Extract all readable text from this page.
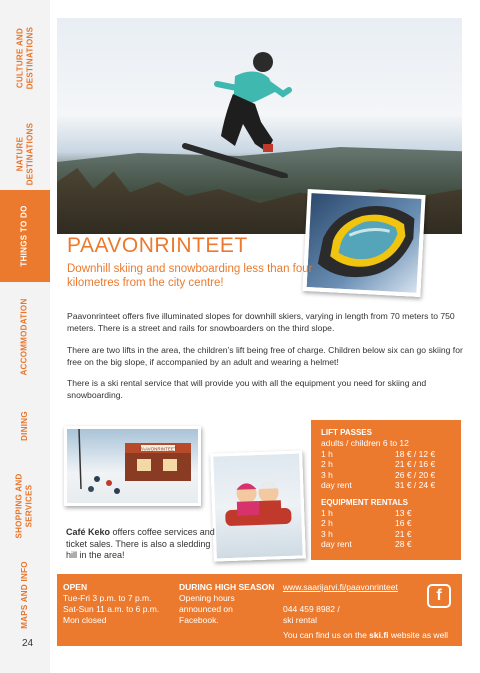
CULTURE AND
DESTINATIONS
NATURE
DESTINATIONS
THINGS TO DO
ACCOMMODATION
DINING
SHOPPING AND
SERVICES
MAPS AND INFO
24
PAAVONRINTEET
Downhill skiing and snowboarding less than four kilometres from the city centre!

Paavonrinteet offers five illuminated slopes for downhill skiers, varying in length from 70 meters to 750 meters. There is a street and rails for snowboarders on the third slope.

There are two lifts in the area, the children’s lift being free of charge. Children below six can go skiing for free on the big slope, if accompanied by an adult and wearing a helmet!

There is a ski rental service that will provide you with all the equipment you need for skiing and snowboarding.

PAAVONRINTEET

Café Keko offers coffee services and ticket sales. There is also a sledding hill in the area!

LIFT PASSES
adults / children 6 to 12
1 h	18 € / 12 €
2 h	21 € / 16 €
3 h	26 € / 20 €
day rent	31 € / 24 €
EQUIPMENT RENTALS
1 h	13 €
2 h	16 €
3 h	21 €
day rent	28 €
OPEN
Tue-Fri 3 p.m. to 7 p.m.
Sat-Sun 11 a.m. to 6 p.m.
Mon closed
DURING HIGH SEASON
Opening hours
announced on
Facebook.
www.saarijarvi.fi/paavonrinteet
044 459 8982 /
ski rental
f
You can find us on the ski.fi website as well
